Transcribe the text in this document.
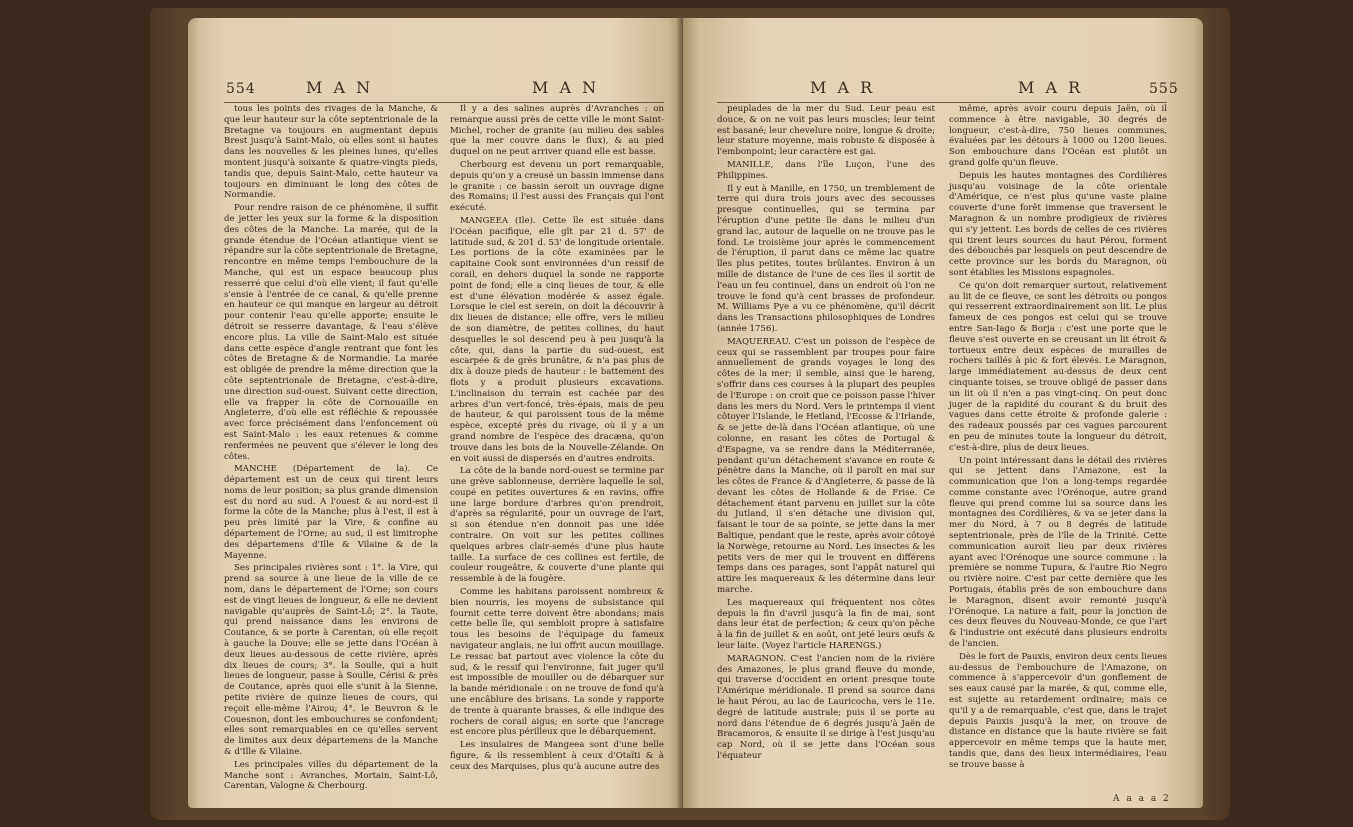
554	M A N	M A N

tous les points des rivages de la Manche, & que leur hauteur sur la côte septentrionale de la Bretagne va toujours en augmentant depuis Brest jusqu'à Saint-Malo, où elles sont si hautes dans les nouvelles & les pleines lunes, qu'elles montent jusqu'à soixante & quatre-vingts pieds, tandis que, depuis Saint-Malo, cette hauteur va toujours en diminuant le long des côtes de Normandie.

Pour rendre raison de ce phénomène, il suffit de jetter les yeux sur la forme & la disposition des côtes de la Manche. La marée, qui de la grande étendue de l'Océan atlantique vient se répandre sur la côte septentrionale de Bretagne, rencontre en même temps l'embouchure de la Manche, qui est un espace beaucoup plus resserré que celui d'où elle vient; il faut qu'elle s'ensie à l'entrée de ce canal, & qu'elle prenne en hauteur ce qui manque en largeur au détroit pour contenir l'eau qu'elle apporte; ensuite le détroit se resserre davantage, & l'eau s'élève encore plus. La ville de Saint-Malo est située dans cette espèce d'angle rentrant que font les côtes de Bretagne & de Normandie. La marée est obligée de prendre la même direction que la côte septentrionale de Bretagne, c'est-à-dire, une direction sud-ouest. Suivant cette direction, elle va frapper la côte de Cornouaille en Angleterre, d'où elle est réfléchie & repoussée avec force précisément dans l'enfoncement où est Saint-Malo : les eaux retenues & comme renfermées ne peuvent que s'élever le long des côtes.

MANCHE (Département de la). Ce département est un de ceux qui tirent leurs noms de leur position; sa plus grande dimension est du nord au sud. A l'ouest & au nord-est il forme la côte de la Manche; plus à l'est, il est à peu près limité par la Vire, & confine au département de l'Orne; au sud, il est limitrophe des départemens d'Ille & Vilaine & de la Mayenne.

Ses principales rivières sont : 1°. la Vire, qui prend sa source à une lieue de la ville de ce nom, dans le département de l'Orne; son cours est de vingt lieues de longueur, & elle ne devient navigable qu'auprès de Saint-Lô; 2°. la Taute, qui prend naissance dans les environs de Coutance, & se porte à Carentan, où elle reçoit à gauche la Douve; elle se jette dans l'Océan à deux lieues au-dessous de cette rivière, après dix lieues de cours; 3°. la Soulle, qui a huit lieues de longueur, passe à Soulle, Cérisi & près de Coutance, après quoi elle s'unit à la Sienne, petite rivière de quinze lieues de cours, qui reçoit elle-même l'Airou; 4°. le Beuvron & le Couesnon, dont les embouchures se confondent; elles sont remarquables en ce qu'elles servent de limites aux deux départemens de la Manche & d'Ille & Vilaine.

Les principales villes du département de la Manche sont : Avranches, Mortain, Saint-Lô, Carentan, Valogne & Cherbourg.

Il y a des salines auprès d'Avranches : on remarque aussi près de cette ville le mont Saint-Michel, rocher de granite (au milieu des sables que la mer couvre dans le flux), & au pied duquel on ne peut arriver quand elle est basse.

Cherbourg est devenu un port remarquable, depuis qu'on y a creusé un bassin immense dans le granite : ce bassin seroit un ouvrage digne des Romains; il l'est aussi des Français qui l'ont exécuté.

MANGEEA (Ile). Cette île est située dans l'Océan pacifique, elle gît par 21 d. 57' de latitude sud, & 201 d. 53' de longitude orientale. Les portions de la côte examinées par le capitaine Cook sont environnées d'un ressif de corail, en dehors duquel la sonde ne rapporte point de fond; elle a cinq lieues de tour, & elle est d'une élévation modérée & assez égale. Lorsque le ciel est serein, on doit la découvrir à dix lieues de distance; elle offre, vers le milieu de son diamètre, de petites collines, du haut desquelles le sol descend peu à peu jusqu'à la côte, qui, dans la partie du sud-ouest, est escarpée & de grès brunâtre, & n'a pas plus de dix à douze pieds de hauteur : le battement des flots y a produit plusieurs excavations. L'inclinaison du terrain est cachée par des arbres d'un vert-foncé, très-épais, mais de peu de hauteur, & qui paroissent tous de la même espèce, excepté près du rivage, où il y a un grand nombre de l'espèce des dracæna, qu'on trouve dans les bois de la Nouvelle-Zélande. On en voit aussi de dispersés en d'autres endroits.

La côte de la bande nord-ouest se termine par une grève sablonneuse, derrière laquelle le sol, coupé en petites ouvertures & en ravins, offre une large bordure d'arbres qu'on prendroit, d'après sa régularité, pour un ouvrage de l'art, si son étendue n'en donnoit pas une idée contraire. On voit sur les petites collines quelques arbres clair-semés d'une plus haute taille. La surface de ces collines est fertile, de couleur rougeâtre, & couverte d'une plante qui ressemble à de la fougère.

Comme les habitans paroissent nombreux & bien nourris, les moyens de subsistance qui fournit cette terre doivent être abondans; mais cette belle île, qui sembloit propre à satisfaire tous les besoins de l'équipage du fameux navigateur anglais, ne lui offrit aucun mouillage. Le ressac bat partout avec violence la côte du sud, & le ressif qui l'environne, fait juger qu'il est impossible de mouiller ou de débarquer sur la bande méridionale : on ne trouve de fond qu'à une encâblure des brisans. La sonde y rapporte de trente à quarante brasses, & elle indique des rochers de corail aigus; en sorte que l'ancrage est encore plus périlleux que le débarquement.

Les insulaires de Mangeea sont d'une belle figure, & ils ressemblent à ceux d'Otaïti & à ceux des Marquises, plus qu'à aucune autre des

M A R	M A R	555

peuplades de la mer du Sud. Leur peau est douce, & on ne voit pas leurs muscles; leur teint est basané; leur chevelure noire, longue & droite; leur stature moyenne, mais robuste & disposée à l'embonpoint; leur caractère est gai.

MANILLE, dans l'île Luçon, l'une des Philippines.

Il y eut à Manille, en 1750, un tremblement de terre qui dura trois jours avec des secousses presque continuelles, qui se termina par l'éruption d'une petite île dans le milieu d'un grand lac, autour de laquelle on ne trouve pas le fond. Le troisième jour après le commencement de l'éruption, il parut dans ce même lac quatre îles plus petites, toutes brûlantes. Environ à un mille de distance de l'une de ces îles il sortit de l'eau un feu continuel, dans un endroit où l'on ne trouve le fond qu'à cent brasses de profondeur. M. Williams Pye a vu ce phénomène, qu'il décrit dans les Transactions philosophiques de Londres (année 1756).

MAQUEREAU. C'est un poisson de l'espèce de ceux qui se rassemblent par troupes pour faire annuellement de grands voyages le long des côtes de la mer; il semble, ainsi que le hareng, s'offrir dans ces courses à la plupart des peuples de l'Europe : on croit que ce poisson passe l'hiver dans les mers du Nord. Vers le printemps il vient côtoyer l'Islande, le Hetland, l'Ecosse & l'Irlande, & se jette de-là dans l'Océan atlantique, où une colonne, en rasant les côtes de Portugal & d'Espagne, va se rendre dans la Méditerranée, pendant qu'un détachement s'avance en route & pénètre dans la Manche, où il paroît en mai sur les côtes de France & d'Angleterre, & passe de là devant les côtes de Hollande & de Frise. Ce détachement étant parvenu en juillet sur la côte du Jutland, il s'en détache une division qui, faisant le tour de sa pointe, se jette dans la mer Baltique, pendant que le reste, après avoir côtoyé la Norwège, retourne au Nord. Les insectes & les petits vers de mer qui le trouvent en différens temps dans ces parages, sont l'appât naturel qui attire les maquereaux & les détermine dans leur marche.

Les maquereaux qui fréquentent nos côtes depuis la fin d'avril jusqu'à la fin de mai, sont dans leur état de perfection; & ceux qu'on pêche à la fin de juillet & en août, ont jeté leurs œufs & leur laite. (Voyez l'article HARENGS.)

MARAGNON. C'est l'ancien nom de la rivière des Amazones, le plus grand fleuve du monde, qui traverse d'occident en orient presque toute l'Amérique méridionale. Il prend sa source dans le haut Pérou, au lac de Lauricocha, vers le 11e. degré de latitude australe; puis il se porte au nord dans l'étendue de 6 degrés jusqu'à Jaën de Bracamoros, & ensuite il se dirige à l'est jusqu'au cap Nord, où il se jette dans l'Océan sous l'équateur

même, après avoir couru depuis Jaën, où il commence à être navigable, 30 degrés de longueur, c'est-à-dire, 750 lieues communes, évaluées par les détours à 1000 ou 1200 lieues. Son embouchure dans l'Océan est plutôt un grand golfe qu'un fleuve.

Depuis les hautes montagnes des Cordilières jusqu'au voisinage de la côte orientale d'Amérique, ce n'est plus qu'une vaste plaine couverte d'une forêt immense que traversent le Maragnon & un nombre prodigieux de rivières qui s'y jettent. Les bords de celles de ces rivières qui tirent leurs sources du haut Pérou, forment des débouchés par lesquels on peut descendre de cette province sur les bords du Maragnon, où sont établies les Missions espagnoles.

Ce qu'on doit remarquer surtout, relativement au lit de ce fleuve, ce sont les détroits ou pongos qui resserrent extraordinairement son lit. Le plus fameux de ces pongos est celui qui se trouve entre San-Iago & Borja : c'est une porte que le fleuve s'est ouverte en se creusant un lit étroit & tortueux entre deux espèces de murailles de rochers taillés à pic & fort élevés. Le Maragnon, large immédiatement au-dessus de deux cent cinquante toises, se trouve obligé de passer dans un lit où il n'en a pas vingt-cinq. On peut donc juger de la rapidité du courant & du bruit des vagues dans cette étroite & profonde galerie : des radeaux poussés par ces vagues parcourent en peu de minutes toute la longueur du détroit, c'est-à-dire, plus de deux lieues.

Un point intéressant dans le détail des rivières qui se jettent dans l'Amazone, est la communication que l'on a long-temps regardée comme constante avec l'Orénoque, autre grand fleuve qui prend comme lui sa source dans les montagnes des Cordilières, & va se jeter dans la mer du Nord, à 7 ou 8 degrés de latitude septentrionale, près de l'île de la Trinité. Cette communication auroit lieu par deux rivières ayant avec l'Orénoque une source commune : la première se nomme Tupura, & l'autre Rio Negro ou rivière noire. C'est par cette dernière que les Portugais, établis près de son embouchure dans le Maragnon, disent avoir remonté jusqu'à l'Orénoque. La nature a fait, pour la jonction de ces deux fleuves du Nouveau-Monde, ce que l'art & l'industrie ont exécuté dans plusieurs endroits de l'ancien.

Dès le fort de Pauxis, environ deux cents lieues au-dessus de l'embouchure de l'Amazone, on commence à s'appercevoir d'un gonflement de ses eaux causé par la marée, & qui, comme elle, est sujette au retardement ordinaire; mais ce qu'il y a de remarquable, c'est que, dans le trajet depuis Pauxis jusqu'à la mer, on trouve de distance en distance que la haute rivière se fait appercevoir en même temps que la haute mer, tandis que, dans des lieux intermédiaires, l'eau se trouve basse à

A a a a 2
